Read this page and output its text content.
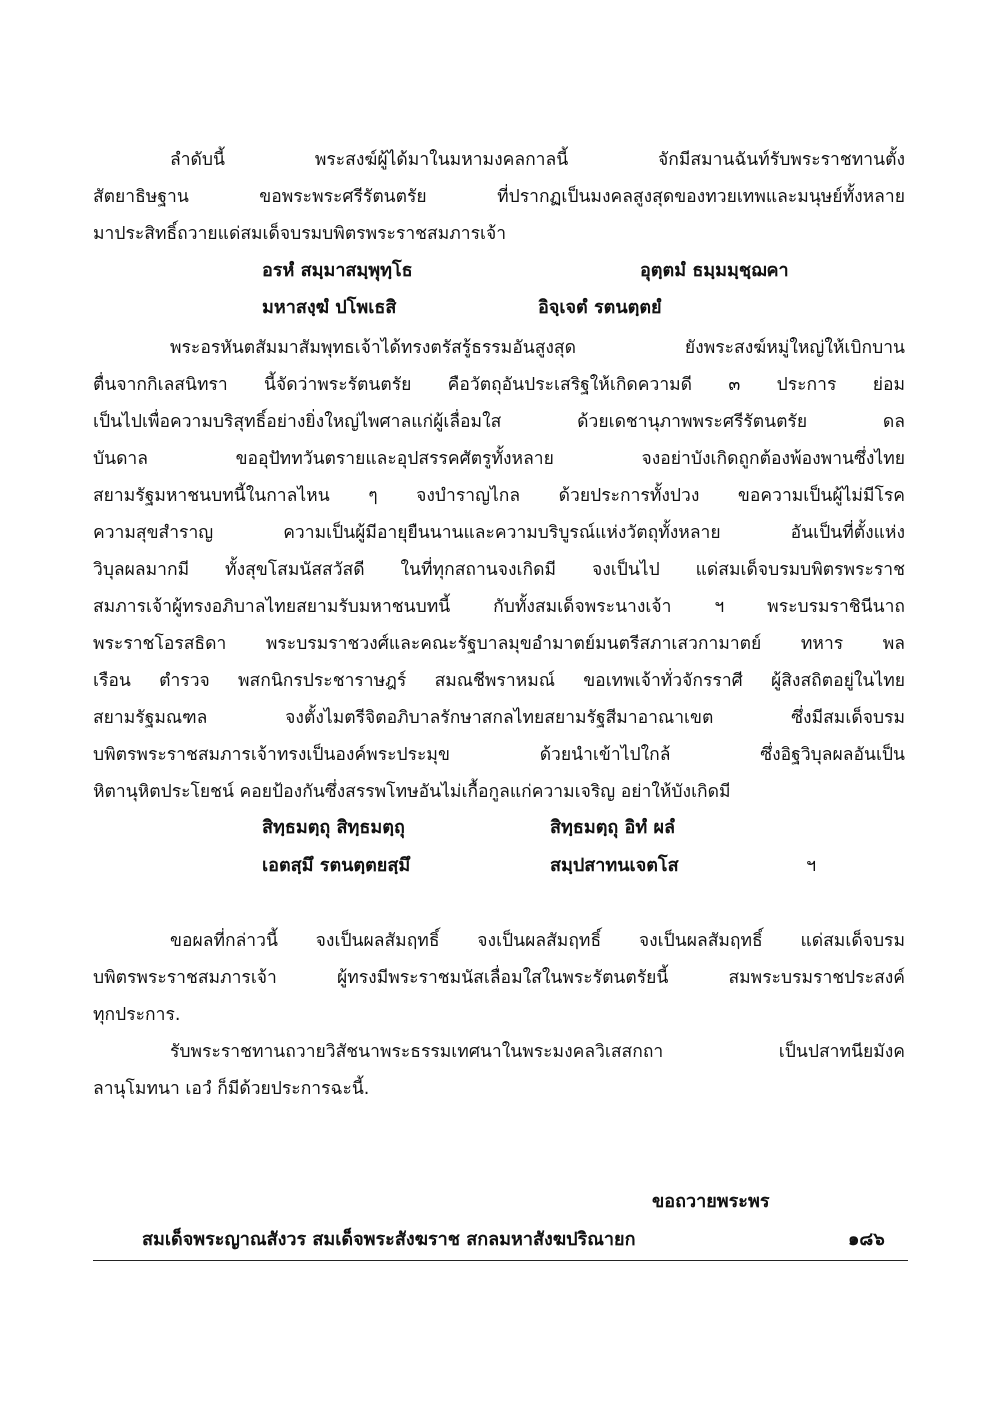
ลำดับนี้ พระสงฆ์ผู้ได้มาในมหามงคลกาลนี้ จักมีสมานฉันท์รับพระราชทานตั้ง
สัตยาธิษฐาน ขอพระพระศรีรัตนตรัย ที่ปรากฏเป็นมงคลสูงสุดของทวยเทพและมนุษย์ทั้งหลาย
มาประสิทธิ์ถวายแด่สมเด็จบรมบพิตรพระราชสมภารเจ้า
อรหํ สมฺมาสมฺพุทฺโธ	อุตฺตมํ ธมฺมมฺชฺฌคา
มหาสงฺฆํ ปโพเธสิ	อิจฺเจตํ รตนตฺตยํ
พระอรหันตสัมมาสัมพุทธเจ้าได้ทรงตรัสรู้ธรรมอันสูงสุด ยังพระสงฆ์หมู่ใหญ่ให้เบิกบาน
ตื่นจากกิเลสนิทรา นี้จัดว่าพระรัตนตรัย คือวัตถุอันประเสริฐให้เกิดความดี ๓ ประการ ย่อม
เป็นไปเพื่อความบริสุทธิ์อย่างยิ่งใหญ่ไพศาลแก่ผู้เลื่อมใส ด้วยเดชานุภาพพระศรีรัตนตรัย ดล
บันดาล ขออุปัททวันตรายและอุปสรรคศัตรูทั้งหลาย จงอย่าบังเกิดถูกต้องพ้องพานซึ่งไทย
สยามรัฐมหาชนบทนี้ในกาลไหน ๆ จงบำราญไกล ด้วยประการทั้งปวง ขอความเป็นผู้ไม่มีโรค
ความสุขสำราญ ความเป็นผู้มีอายุยืนนานและความบริบูรณ์แห่งวัตถุทั้งหลาย อันเป็นที่ตั้งแห่ง
วิบุลผลมากมี ทั้งสุขโสมนัสสวัสดี ในที่ทุกสถานจงเกิดมี จงเป็นไป แด่สมเด็จบรมบพิตรพระราช
สมภารเจ้าผู้ทรงอภิบาลไทยสยามรับมหาชนบทนี้ กับทั้งสมเด็จพระนางเจ้า ฯ พระบรมราชินีนาถ
พระราชโอรสธิดา พระบรมราชวงศ์และคณะรัฐบาลมุขอำมาตย์มนตรีสภาเสวกามาตย์ ทหาร พล
เรือน ตำรวจ พสกนิกรประชาราษฎร์ สมณชีพราหมณ์ ขอเทพเจ้าทั่วจักรราศี ผู้สิงสถิตอยู่ในไทย
สยามรัฐมณฑล จงตั้งไมตรีจิตอภิบาลรักษาสกลไทยสยามรัฐสีมาอาณาเขต ซึ่งมีสมเด็จบรม
บพิตรพระราชสมภารเจ้าทรงเป็นองค์พระประมุข ด้วยนำเข้าไปใกล้ ซึ่งอิฐวิบุลผลอันเป็น
หิตานุหิตประโยชน์ คอยป้องกันซึ่งสรรพโทษอันไม่เกื้อกูลแก่ความเจริญ อย่าให้บังเกิดมี
สิทฺธมตฺถุ สิทฺธมตฺถุ	สิทฺธมตฺถุ อิทํ ผลํ
เอตสฺมึ รตนตฺตยสฺมึ	สมฺปสาทนเจตโส	ฯ
ขอผลที่กล่าวนี้ จงเป็นผลสัมฤทธิ์ จงเป็นผลสัมฤทธิ์ จงเป็นผลสัมฤทธิ์ แด่สมเด็จบรม
บพิตรพระราชสมภารเจ้า ผู้ทรงมีพระราชมนัสเลื่อมใสในพระรัตนตรัยนี้ สมพระบรมราชประสงค์
ทุกประการ.
รับพระราชทานถวายวิสัชนาพระธรรมเทศนาในพระมงคลวิเสสกถา เป็นปสาทนียมังค
ลานุโมทนา เอวํ ก็มีด้วยประการฉะนี้.
ขอถวายพระพร
สมเด็จพระญาณสังวร สมเด็จพระสังฆราช สกลมหาสังฆปริณายก	๑๘๖
